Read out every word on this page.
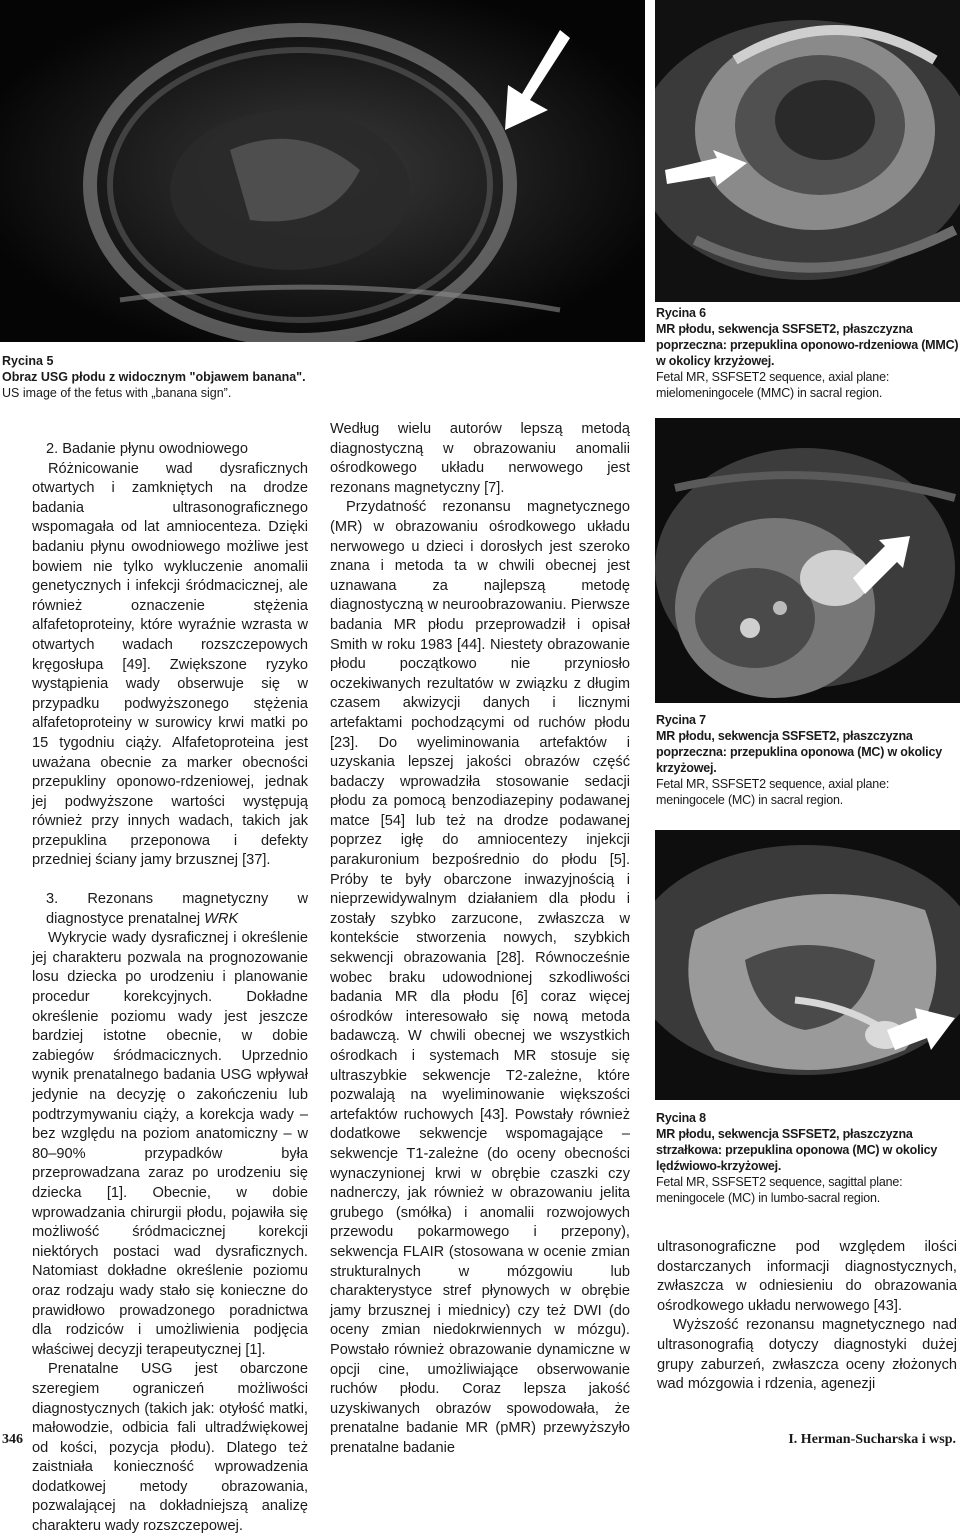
Rycina 5
Obraz USG płodu z widocznym "objawem banana".
US image of the fetus with „banana sign”.
Rycina 6
MR płodu, sekwencja SSFSET2, płaszczyzna poprzeczna: przepuklina oponowo-rdzeniowa (MMC) w okolicy krzyżowej.
Fetal MR, SSFSET2 sequence, axial plane: mielomeningocele (MMC) in sacral region.
Rycina 7
MR płodu, sekwencja SSFSET2, płaszczyzna poprzeczna: przepuklina oponowa (MC) w okolicy krzyżowej.
Fetal MR, SSFSET2 sequence, axial plane: meningocele (MC) in sacral region.
Rycina 8
MR płodu, sekwencja SSFSET2, płaszczyzna strzałkowa: przepuklina oponowa (MC) w okolicy lędźwiowo-krzyżowej.
Fetal MR, SSFSET2 sequence, sagittal plane: meningocele (MC) in lumbo-sacral region.

2. Badanie płynu owodniowego

Różnicowanie wad dysraficznych otwartych i zamkniętych na drodze badania ultrasonograficznego wspomagała od lat amniocenteza. Dzięki badaniu płynu owodniowego możliwe jest bowiem nie tylko wykluczenie anomalii genetycznych i infekcji śródmacicznej, ale również oznaczenie stężenia alfafetoproteiny, które wyraźnie wzrasta w otwartych wadach rozszczepowych kręgosłupa [49]. Zwiększone ryzyko wystąpienia wady obserwuje się w przypadku podwyższonego stężenia alfafetoproteiny w surowicy krwi matki po 15 tygodniu ciąży. Alfafetoproteina jest uważana obecnie za marker obecności przepukliny oponowo-rdzeniowej, jednak jej podwyższone wartości występują również przy innych wadach, takich jak przepuklina przeponowa i defekty przedniej ściany jamy brzusznej [37].

3. Rezonans magnetyczny w diagnostyce prenatalnej WRK

Wykrycie wady dysraficznej i określenie jej charakteru pozwala na prognozowanie losu dziecka po urodzeniu i planowanie procedur korekcyjnych. Dokładne określenie poziomu wady jest jeszcze bardziej istotne obecnie, w dobie zabiegów śródmacicznych. Uprzednio wynik prenatalnego badania USG wpływał jedynie na decyzję o zakończeniu lub podtrzymywaniu ciąży, a korekcja wady – bez względu na poziom anatomiczny – w 80–90% przypadków była przeprowadzana zaraz po urodzeniu się dziecka [1]. Obecnie, w dobie wprowadzania chirurgii płodu, pojawiła się możliwość śródmacicznej korekcji niektórych postaci wad dysraficznych. Natomiast dokładne określenie poziomu oraz rodzaju wady stało się konieczne do prawidłowo prowadzonego poradnictwa dla rodziców i umożliwienia podjęcia właściwej decyzji terapeutycznej [1].

Prenatalne USG jest obarczone szeregiem ograniczeń możliwości diagnostycznych (takich jak: otyłość matki, małowodzie, odbicia fali ultradźwiękowej od kości, pozycja płodu). Dlatego też zaistniała konieczność wprowadzenia dodatkowej metody obrazowania, pozwalającej na dokładniejszą analizę charakteru wady rozszczepowej.

Według wielu autorów lepszą metodą diagnostyczną w obrazowaniu anomalii ośrodkowego układu nerwowego jest rezonans magnetyczny [7].

Przydatność rezonansu magnetycznego (MR) w obrazowaniu ośrodkowego układu nerwowego u dzieci i dorosłych jest szeroko znana i metoda ta w chwili obecnej jest uznawana za najlepszą metodę diagnostyczną w neuroobrazowaniu. Pierwsze badania MR płodu przeprowadził i opisał Smith w roku 1983 [44]. Niestety obrazowanie płodu początkowo nie przyniosło oczekiwanych rezultatów w związku z długim czasem akwizycji danych i licznymi artefaktami pochodzącymi od ruchów płodu [23]. Do wyeliminowania artefaktów i uzyskania lepszej jakości obrazów część badaczy wprowadziła stosowanie sedacji płodu za pomocą benzodiazepiny podawanej matce [54] lub też na drodze podawanej poprzez igłę do amniocentezy injekcji parakuronium bezpośrednio do płodu [5]. Próby te były obarczone inwazyjnością i nieprzewidywalnym działaniem dla płodu i zostały szybko zarzucone, zwłaszcza w kontekście stworzenia nowych, szybkich sekwencji obrazowania [28]. Równocześnie wobec braku udowodnionej szkodliwości badania MR dla płodu [6] coraz więcej ośrodków interesowało się nową metoda badawczą. W chwili obecnej we wszystkich ośrodkach i systemach MR stosuje się ultraszybkie sekwencje T2-zależne, które pozwalają na wyeliminowanie większości artefaktów ruchowych [43]. Powstały również dodatkowe sekwencje wspomagające – sekwencje T1-zależne (do oceny obecności wynaczynionej krwi w obrębie czaszki czy nadnerczy, jak również w obrazowaniu jelita grubego (smółka) i anomalii rozwojowych przewodu pokarmowego i przepony), sekwencja FLAIR (stosowana w ocenie zmian strukturalnych w mózgowiu lub charakterystyce stref płynowych w obrębie jamy brzusznej i miednicy) czy też DWI (do oceny zmian niedokrwiennych w mózgu). Powstało również obrazowanie dynamiczne w opcji cine, umożliwiające obserwowanie ruchów płodu. Coraz lepsza jakość uzyskiwanych obrazów spowodowała, że prenatalne badanie MR (pMR) przewyższyło prenatalne badanie

ultrasonograficzne pod względem ilości dostarczanych informacji diagnostycznych, zwłaszcza w odniesieniu do obrazowania ośrodkowego układu nerwowego [43].

Wyższość rezonansu magnetycznego nad ultrasonografią dotyczy diagnostyki dużej grupy zaburzeń, zwłaszcza oceny złożonych wad mózgowia i rdzenia, agenezji

346	I. Herman-Sucharska i wsp.
